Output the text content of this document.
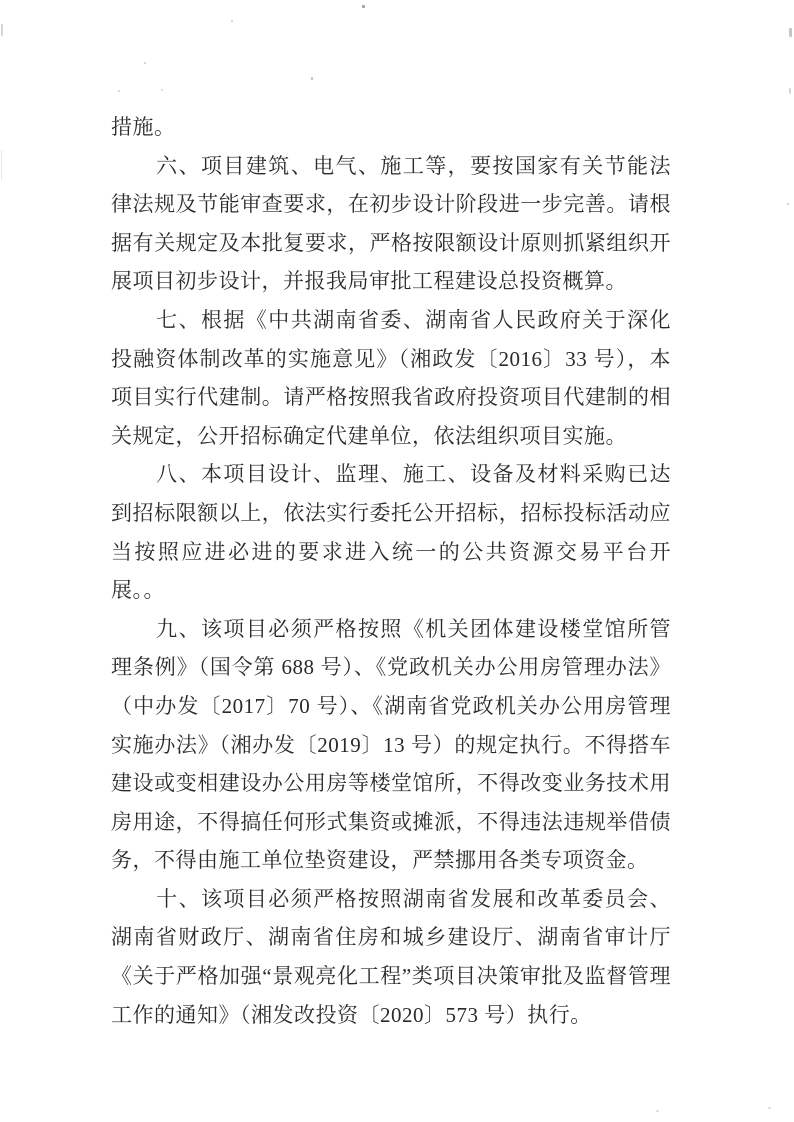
措施。

六、项目建筑、电气、施工等，要按国家有关节能法律法规及节能审查要求，在初步设计阶段进一步完善。请根据有关规定及本批复要求，严格按限额设计原则抓紧组织开展项目初步设计，并报我局审批工程建设总投资概算。

七、根据《中共湖南省委、湖南省人民政府关于深化投融资体制改革的实施意见》（湘政发〔2016〕33 号），本项目实行代建制。请严格按照我省政府投资项目代建制的相关规定，公开招标确定代建单位，依法组织项目实施。

八、本项目设计、监理、施工、设备及材料采购已达到招标限额以上，依法实行委托公开招标，招标投标活动应当按照应进必进的要求进入统一的公共资源交易平台开展。。

九、该项目必须严格按照《机关团体建设楼堂馆所管理条例》（国令第 688 号）、《党政机关办公用房管理办法》（中办发〔2017〕70 号）、《湖南省党政机关办公用房管理实施办法》（湘办发〔2019〕13 号）的规定执行。不得搭车建设或变相建设办公用房等楼堂馆所，不得改变业务技术用房用途，不得搞任何形式集资或摊派，不得违法违规举借债务，不得由施工单位垫资建设，严禁挪用各类专项资金。

十、该项目必须严格按照湖南省发展和改革委员会、湖南省财政厅、湖南省住房和城乡建设厅、湖南省审计厅《关于严格加强“景观亮化工程”类项目决策审批及监督管理工作的通知》（湘发改投资〔2020〕573 号）执行。
